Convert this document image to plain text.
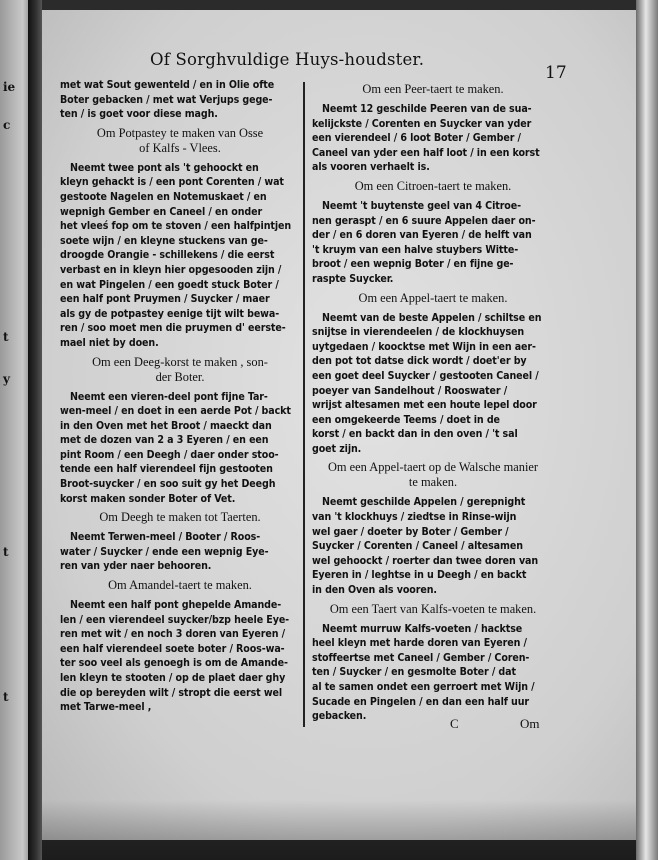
ie
c
t
y
t
t
Of Sorghvuldige Huys-houdster.
17
met wat Sout gewenteld / en in Olie ofte
Boter gebacken / met wat Verjups gege-
ten / is goet voor diese magh.
Om Potpastey te maken van Osse
of Kalfs - Vlees.
Neemt twee pont als 't gehoockt en
kleyn gehackt is / een pont Corenten / wat
gestoote Nagelen en Notemuskaet / en
wepnigh Gember en Caneel / en onder
het vleeś fop om te stoven / een halfpintjen
soete wijn / en kleyne stuckens van ge-
droogde Orangie - schillekens / die eerst
verbast en in kleyn hier opgesooden zijn /
en wat Pingelen / een goedt stuck Boter /
een half pont Pruymen / Suycker / maer
als gy de potpastey eenige tijt wilt bewa-
ren / soo moet men die pruymen d' eerste-
mael niet by doen.
Om een Deeg-korst te maken , son-
der Boter.
Neemt een vieren-deel pont fijne Tar-
wen-meel / en doet in een aerde Pot / backt
in den Oven met het Broot / maeckt dan
met de dozen van 2 a 3 Eyeren / en een
pint Room / een Deegh / daer onder stoo-
tende een half vierendeel fijn gestooten
Broot-suycker / en soo suit gy het Deegh
korst maken sonder Boter of Vet.
Om Deegh te maken tot Taerten.
Neemt Terwen-meel / Booter / Roos-
water / Suycker / ende een wepnig Eye-
ren van yder naer behooren.
Om Amandel-taert te maken.
Neemt een half pont ghepelde Amande-
len / een vierendeel suycker/bzp heele Eye-
ren met wit / en noch 3 doren van Eyeren /
een half vierendeel soete boter / Roos-wa-
ter soo veel als genoegh is om de Amande-
len kleyn te stooten / op de plaet daer ghy
die op bereyden wilt / stropt die eerst wel
met Tarwe-meel ,
Om een Peer-taert te maken.
Neemt 12 geschilde Peeren van de sua-
kelijckste / Corenten en Suycker van yder
een vierendeel / 6 loot Boter / Gember /
Caneel van yder een half loot / in een korst
als vooren verhaelt is.
Om een Citroen-taert te maken.
Neemt 't buytenste geel van 4 Citroe-
nen geraspt / en 6 suure Appelen daer on-
der / en 6 doren van Eyeren / de helft van
't kruym van een halve stuybers Witte-
broot / een wepnig Boter / en fijne ge-
raspte Suycker.
Om een Appel-taert te maken.
Neemt van de beste Appelen / schiltse en
snijtse in vierendeelen / de klockhuysen
uytgedaen / koocktse met Wijn in een aer-
den pot tot datse dick wordt / doet'er by
een goet deel Suycker / gestooten Caneel /
poeyer van Sandelhout / Rooswater /
wrijst altesamen met een houte lepel door
een omgekeerde Teems / doet in de
korst / en backt dan in den oven / 't sal
goet zijn.
Om een Appel-taert op de Walsche manier
te maken.
Neemt geschilde Appelen / gerepnight
van 't klockhuys / ziedtse in Rinse-wijn
wel gaer / doeter by Boter / Gember /
Suycker / Corenten / Caneel / altesamen
wel gehoockt / roerter dan twee doren van
Eyeren in / leghtse in u Deegh / en backt
in den Oven als vooren.
Om een Taert van Kalfs-voeten te maken.
Neemt murruw Kalfs-voeten / hacktse
heel kleyn met harde doren van Eyeren /
stoffeertse met Caneel / Gember / Coren-
ten / Suycker / en gesmolte Boter / dat
al te samen ondet een gerroert met Wijn /
Sucade en Pingelen / en dan een half uur
gebacken.	C	Om
